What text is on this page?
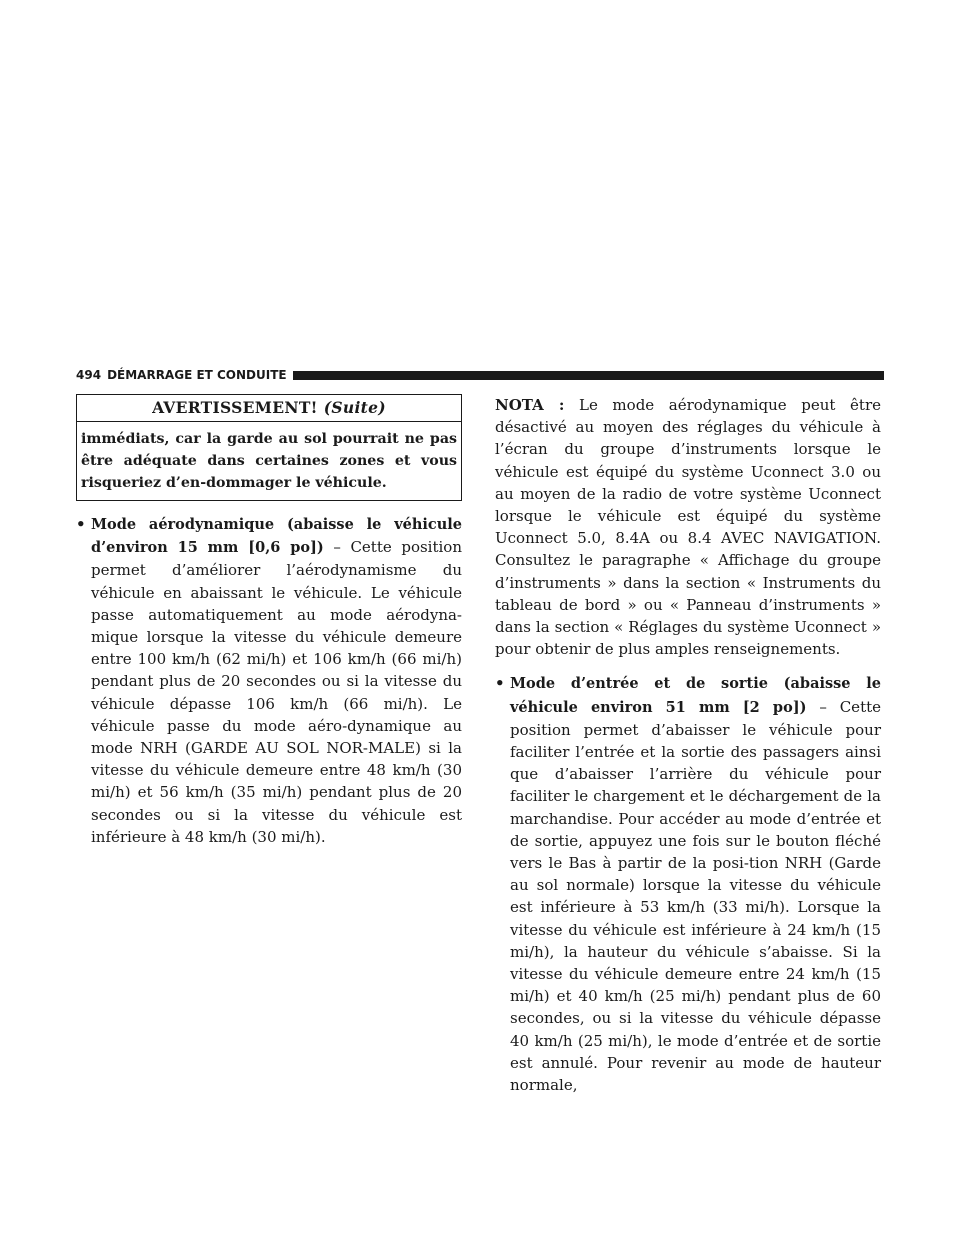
494 DÉMARRAGE ET CONDUITE
AVERTISSEMENT! (Suite)
immédiats, car la garde au sol pourrait ne pas être adéquate dans certaines zones et vous risqueriez d’en-dommager le véhicule.
• Mode aérodynamique (abaisse le véhicule d’environ 15 mm [0,6 po]) – Cette position permet d’améliorer l’aérodynamisme du véhicule en abaissant le véhicule. Le véhicule passe automatiquement au mode aérodyna-mique lorsque la vitesse du véhicule demeure entre 100 km/h (62 mi/h) et 106 km/h (66 mi/h) pendant plus de 20 secondes ou si la vitesse du véhicule dépasse 106 km/h (66 mi/h). Le véhicule passe du mode aéro-dynamique au mode NRH (GARDE AU SOL NOR-MALE) si la vitesse du véhicule demeure entre 48 km/h (30 mi/h) et 56 km/h (35 mi/h) pendant plus de 20 secondes ou si la vitesse du véhicule est inférieure à 48 km/h (30 mi/h).
NOTA : Le mode aérodynamique peut être désactivé au moyen des réglages du véhicule à l’écran du groupe d’instruments lorsque le véhicule est équipé du système Uconnect 3.0 ou au moyen de la radio de votre système Uconnect lorsque le véhicule est équipé du système Uconnect 5.0, 8.4A ou 8.4 AVEC NAVIGATION. Consultez le paragraphe « Affichage du groupe d’instruments » dans la section « Instruments du tableau de bord » ou « Panneau d’instruments » dans la section « Réglages du système Uconnect » pour obtenir de plus amples renseignements.
• Mode d’entrée et de sortie (abaisse le véhicule environ 51 mm [2 po]) – Cette position permet d’abaisser le véhicule pour faciliter l’entrée et la sortie des passagers ainsi que d’abaisser l’arrière du véhicule pour faciliter le chargement et le déchargement de la marchandise. Pour accéder au mode d’entrée et de sortie, appuyez une fois sur le bouton fléché vers le Bas à partir de la posi-tion NRH (Garde au sol normale) lorsque la vitesse du véhicule est inférieure à 53 km/h (33 mi/h). Lorsque la vitesse du véhicule est inférieure à 24 km/h (15 mi/h), la hauteur du véhicule s’abaisse. Si la vitesse du véhicule demeure entre 24 km/h (15 mi/h) et 40 km/h (25 mi/h) pendant plus de 60 secondes, ou si la vitesse du véhicule dépasse 40 km/h (25 mi/h), le mode d’entrée et de sortie est annulé. Pour revenir au mode de hauteur normale,
